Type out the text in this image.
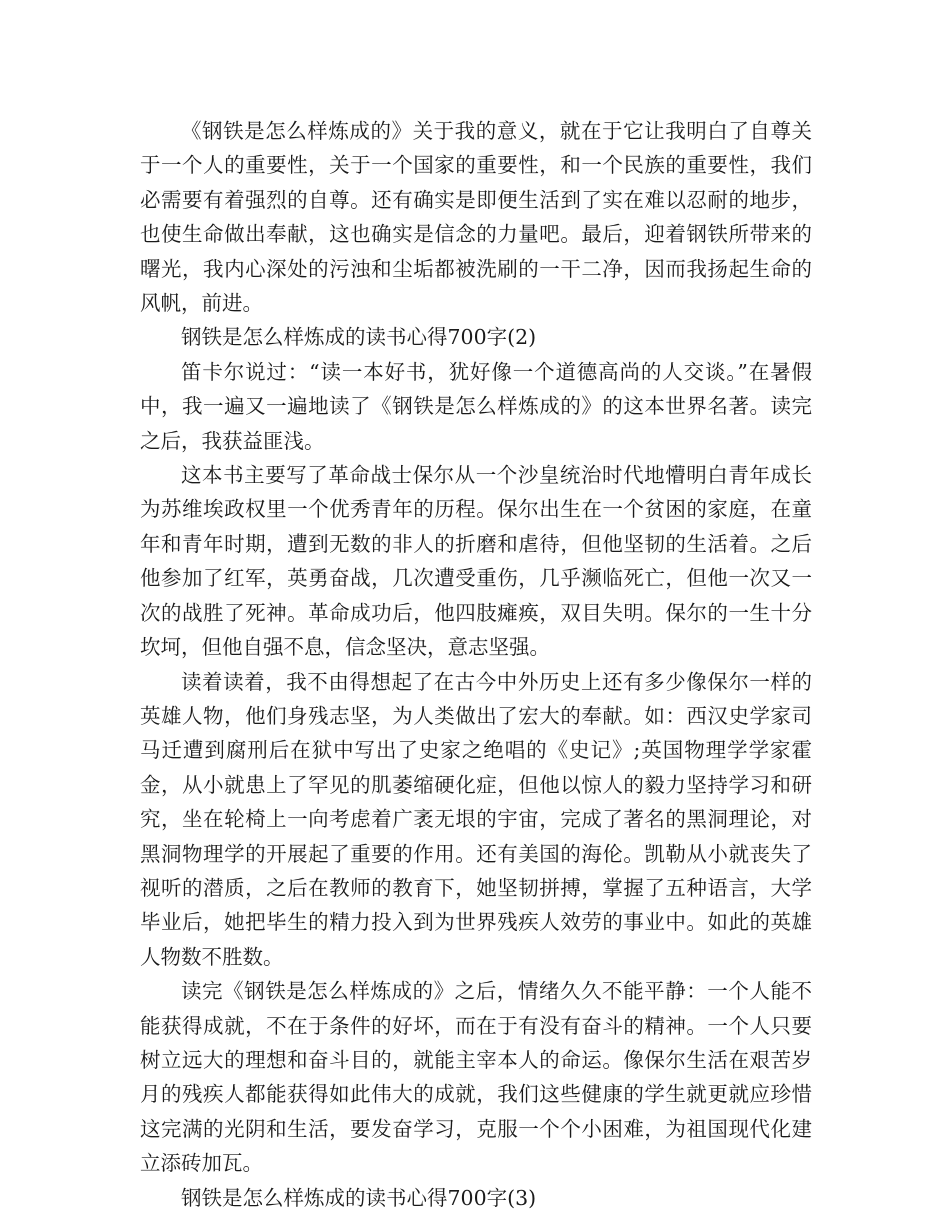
《钢铁是怎么样炼成的》关于我的意义，就在于它让我明白了自尊关于一个人的重要性，关于一个国家的重要性，和一个民族的重要性，我们必需要有着强烈的自尊。还有确实是即便生活到了实在难以忍耐的地步，也使生命做出奉献，这也确实是信念的力量吧。最后，迎着钢铁所带来的曙光，我内心深处的污浊和尘垢都被洗刷的一干二净，因而我扬起生命的风帆，前进。

钢铁是怎么样炼成的读书心得700字(2)

笛卡尔说过：“读一本好书，犹好像一个道德高尚的人交谈。”在暑假中，我一遍又一遍地读了《钢铁是怎么样炼成的》的这本世界名著。读完之后，我获益匪浅。

这本书主要写了革命战士保尔从一个沙皇统治时代地懵明白青年成长为苏维埃政权里一个优秀青年的历程。保尔出生在一个贫困的家庭，在童年和青年时期，遭到无数的非人的折磨和虐待，但他坚韧的生活着。之后他参加了红军，英勇奋战，几次遭受重伤，几乎濒临死亡，但他一次又一次的战胜了死神。革命成功后，他四肢瘫痪，双目失明。保尔的一生十分坎坷，但他自强不息，信念坚决，意志坚强。

读着读着，我不由得想起了在古今中外历史上还有多少像保尔一样的英雄人物，他们身残志坚，为人类做出了宏大的奉献。如：西汉史学家司马迁遭到腐刑后在狱中写出了史家之绝唱的《史记》;英国物理学学家霍金，从小就患上了罕见的肌萎缩硬化症，但他以惊人的毅力坚持学习和研究，坐在轮椅上一向考虑着广袤无垠的宇宙，完成了著名的黑洞理论，对黑洞物理学的开展起了重要的作用。还有美国的海伦。凯勒从小就丧失了视听的潜质，之后在教师的教育下，她坚韧拼搏，掌握了五种语言，大学毕业后，她把毕生的精力投入到为世界残疾人效劳的事业中。如此的英雄人物数不胜数。

读完《钢铁是怎么样炼成的》之后，情绪久久不能平静：一个人能不能获得成就，不在于条件的好坏，而在于有没有奋斗的精神。一个人只要树立远大的理想和奋斗目的，就能主宰本人的命运。像保尔生活在艰苦岁月的残疾人都能获得如此伟大的成就，我们这些健康的学生就更就应珍惜这完满的光阴和生活，要发奋学习，克服一个个小困难，为祖国现代化建立添砖加瓦。

钢铁是怎么样炼成的读书心得700字(3)
